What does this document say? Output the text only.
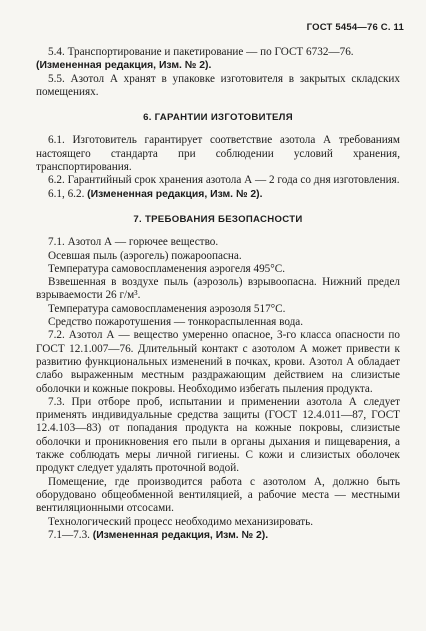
ГОСТ 5454—76 С. 11

5.4. Транспортирование и пакетирование — по ГОСТ 6732—76.
(Измененная редакция, Изм. № 2).

5.5. Азотол А хранят в упаковке изготовителя в закрытых складских помещениях.

6. ГАРАНТИИ ИЗГОТОВИТЕЛЯ

6.1. Изготовитель гарантирует соответствие азотола А требованиям настоящего стандарта при соблюдении условий хранения, транспортирования.

6.2. Гарантийный срок хранения азотола А — 2 года со дня изготовления.

6.1, 6.2. (Измененная редакция, Изм. № 2).

7. ТРЕБОВАНИЯ БЕЗОПАСНОСТИ

7.1. Азотол А — горючее вещество.

Осевшая пыль (аэрогель) пожароопасна.

Температура самовоспламенения аэрогеля 495°С.

Взвешенная в воздухе пыль (аэрозоль) взрывоопасна. Нижний предел взрываемости 26 г/м³.

Температура самовоспламенения аэрозоля 517°С.

Средство пожаротушения — тонкораспыленная вода.

7.2. Азотол А — вещество умеренно опасное, 3-го класса опасности по ГОСТ 12.1.007—76. Длительный контакт с азотолом А может привести к развитию функциональных изменений в почках, крови. Азотол А обладает слабо выраженным местным раздражающим действием на слизистые оболочки и кожные покровы. Необходимо избегать пыления продукта.

7.3. При отборе проб, испытании и применении азотола А следует применять индивидуальные средства защиты (ГОСТ 12.4.011—87, ГОСТ 12.4.103—83) от попадания продукта на кожные покровы, слизистые оболочки и проникновения его пыли в органы дыхания и пищеварения, а также соблюдать меры личной гигиены. С кожи и слизистых оболочек продукт следует удалять проточной водой.

Помещение, где производится работа с азотолом А, должно быть оборудовано общеобменной вентиляцией, а рабочие места — местными вентиляционными отсосами.

Технологический процесс необходимо механизировать.

7.1—7.3. (Измененная редакция, Изм. № 2).
